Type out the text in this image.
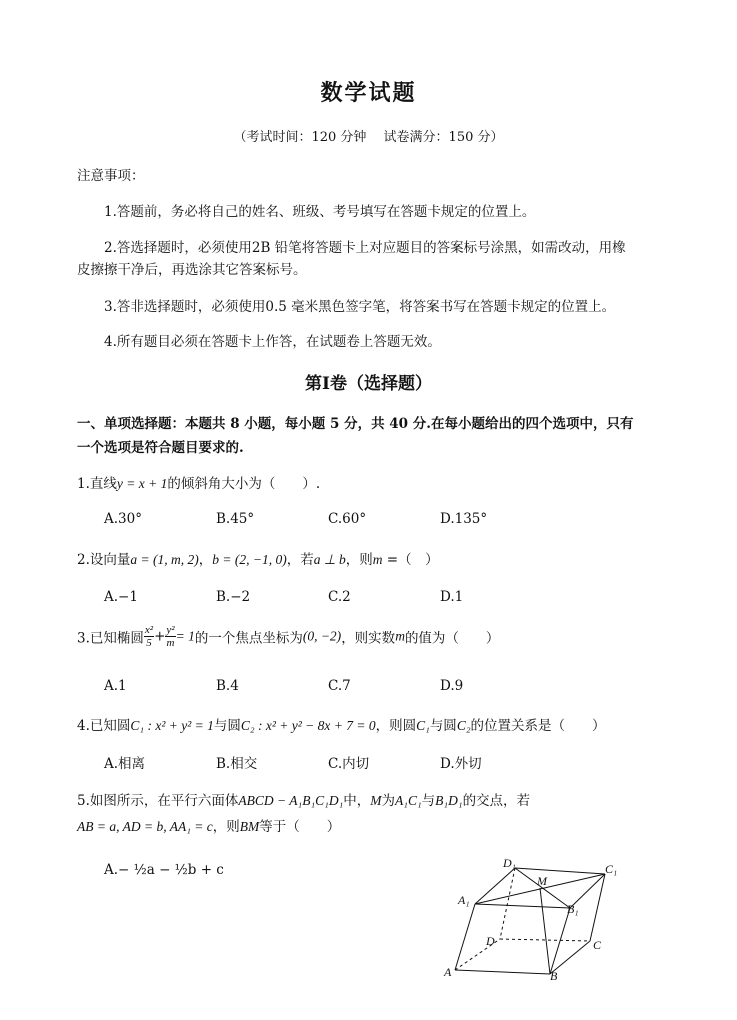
数学试题
（考试时间：120 分钟　 试卷满分：150 分）
注意事项：
1.答题前，务必将自己的姓名、班级、考号填写在答题卡规定的位置上。
2.答选择题时，必须使用2B 铅笔将答题卡上对应题目的答案标号涂黑，如需改动，用橡
皮擦擦干净后，再选涂其它答案标号。
3.答非选择题时，必须使用0.5 毫米黑色签字笔，将答案书写在答题卡规定的位置上。
4.所有题目必须在答题卡上作答，在试题卷上答题无效。
第Ⅰ卷（选择题）
一、单项选择题：本题共 8 小题，每小题 5 分，共 40 分.在每小题给出的四个选项中，只有
一个选项是符合题目要求的.
1.直线y = x + 1的倾斜角大小为（　　）.
A.30°	B.45°	C.60°	D.135°
2.设向量a = (1, m, 2)，b = (2, −1, 0)，若a ⊥ b，则m =（　）
A.−1	B.−2	C.2	D.1
3.已知椭圆 $\frac{\text{x²}}{5} + \frac{\text{y²}}{m} = 1$的一个焦点坐标为(0, −2)，则实数m的值为（　　）
A.1	B.4	C.7	D.9
4.已知圆C₁ : x² + y² = 1与圆C₂ : x² + y² − 8x + 7 = 0，则圆C₁与圆C₂的位置关系是（　　）
A.相离	B.相交	C.内切	D.外切
5.如图所示，在平行六面体ABCD − A₁B₁C₁D₁中，M为A₁C₁与B₁D₁的交点，若
AB = a, AD = b, AA₁ = c，则BM等于（　　）
A.− ½a − ½b + c	D₁
M
C₁
A₁
B₁
D	C
A	B
